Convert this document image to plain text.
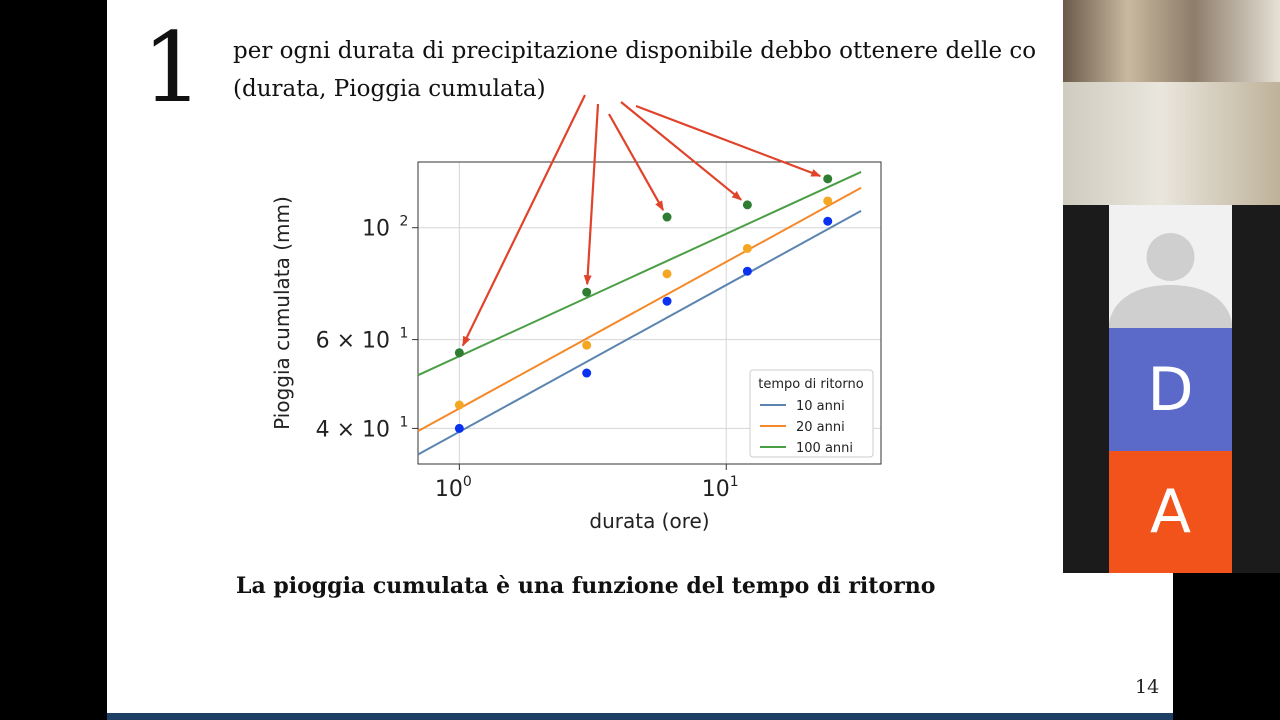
1 per ogni durata di precipitazione disponibile debbo ottenere delle co
(durata, Pioggia cumulata)
$10^0$	$10^1$
4 × 10 1
6 × 10 1
10 2
tempo di ritorno
10 anni
20 anni
100 anni
durata (ore)
Pioggia cumulata (mm)
La pioggia cumulata è una funzione del tempo di ritorno
14
D
A
